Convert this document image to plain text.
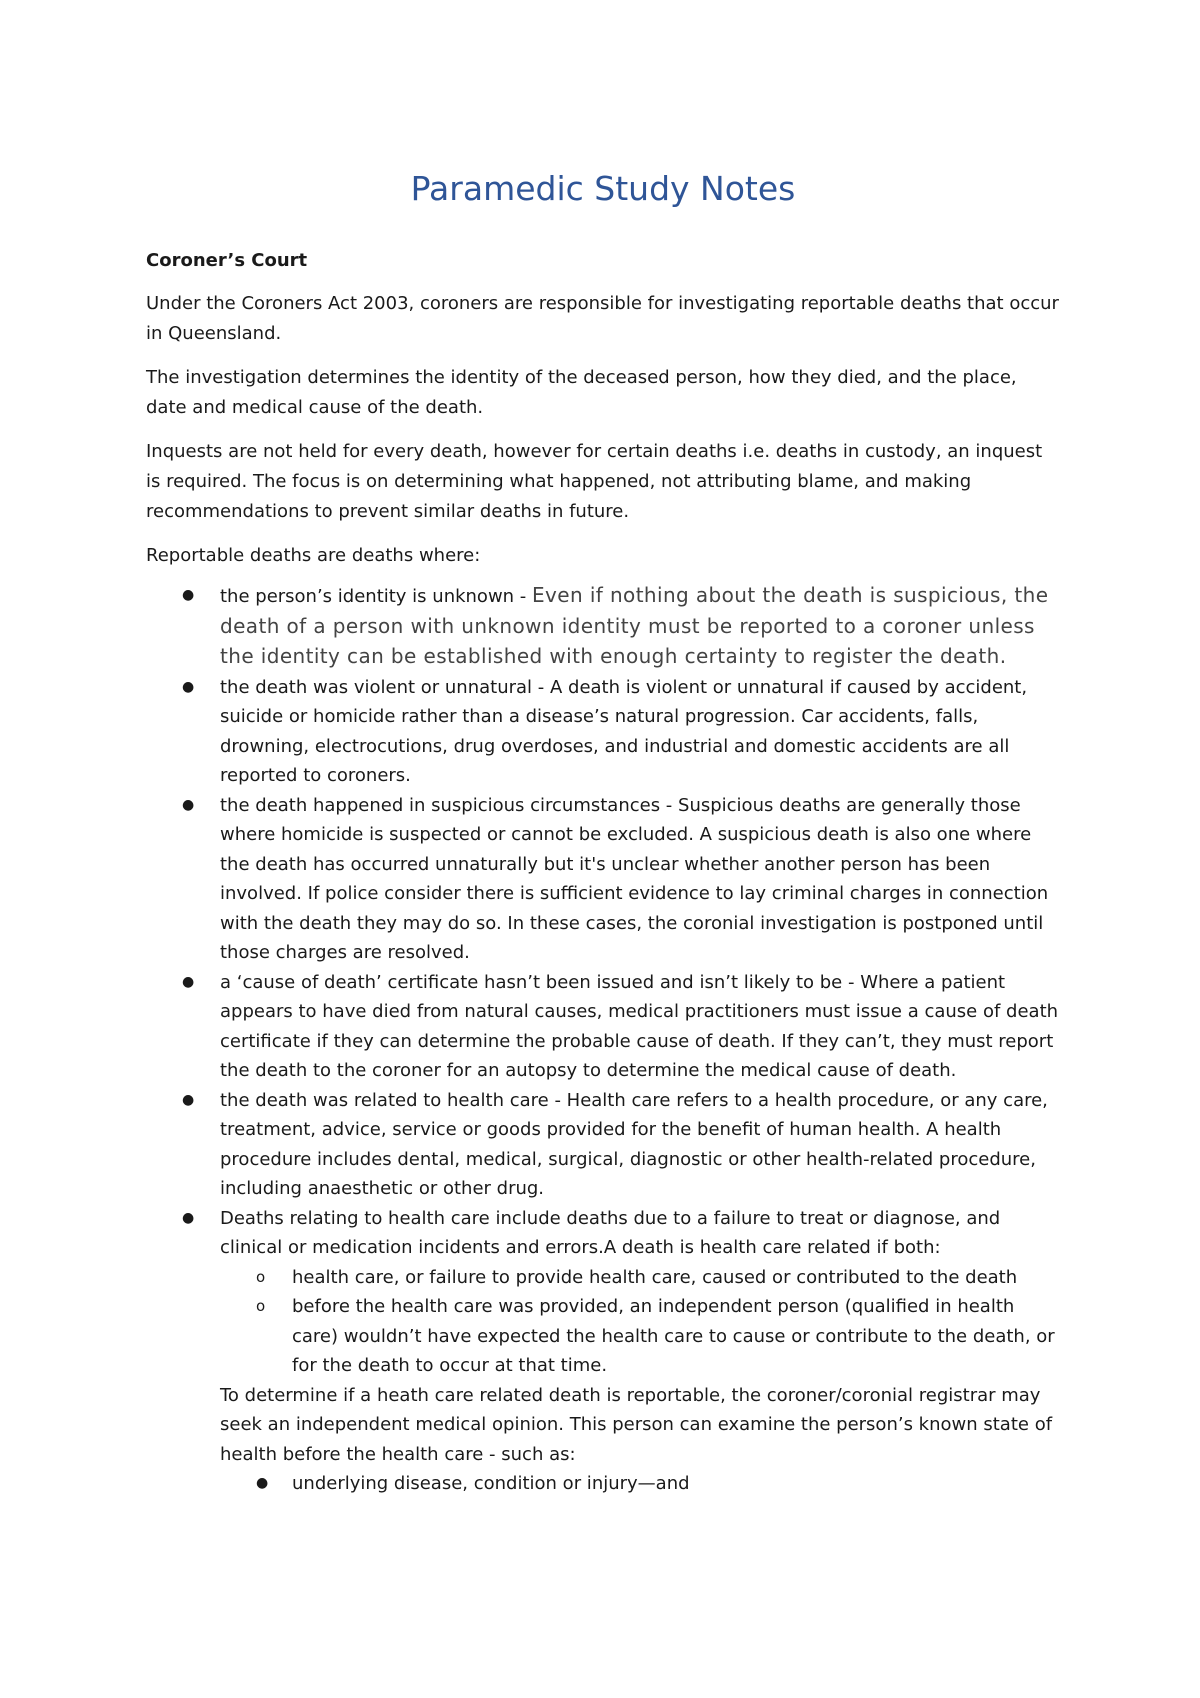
Paramedic Study Notes
Coroner’s Court

Under the Coroners Act 2003, coroners are responsible for investigating reportable deaths that occur in Queensland.

The investigation determines the identity of the deceased person, how they died, and the place, date and medical cause of the death.

Inquests are not held for every death, however for certain deaths i.e. deaths in custody, an inquest is required. The focus is on determining what happened, not attributing blame, and making recommendations to prevent similar deaths in future.

Reportable deaths are deaths where:

● the person’s identity is unknown - Even if nothing about the death is suspicious, the death of a person with unknown identity must be reported to a coroner unless the identity can be established with enough certainty to register the death.
● the death was violent or unnatural - A death is violent or unnatural if caused by accident, suicide or homicide rather than a disease’s natural progression. Car accidents, falls, drowning, electrocutions, drug overdoses, and industrial and domestic accidents are all reported to coroners.
● the death happened in suspicious circumstances - Suspicious deaths are generally those where homicide is suspected or cannot be excluded. A suspicious death is also one where the death has occurred unnaturally but it's unclear whether another person has been involved. If police consider there is sufficient evidence to lay criminal charges in connection with the death they may do so. In these cases, the coronial investigation is postponed until those charges are resolved.
● a ‘cause of death’ certificate hasn’t been issued and isn’t likely to be - Where a patient appears to have died from natural causes, medical practitioners must issue a cause of death certificate if they can determine the probable cause of death. If they can’t, they must report the death to the coroner for an autopsy to determine the medical cause of death.
● the death was related to health care - Health care refers to a health procedure, or any care, treatment, advice, service or goods provided for the benefit of human health. A health procedure includes dental, medical, surgical, diagnostic or other health-related procedure, including anaesthetic or other drug.
● Deaths relating to health care include deaths due to a failure to treat or diagnose, and clinical or medication incidents and errors.A death is health care related if both:
o health care, or failure to provide health care, caused or contributed to the death
o before the health care was provided, an independent person (qualified in health care) wouldn’t have expected the health care to cause or contribute to the death, or for the death to occur at that time.

To determine if a heath care related death is reportable, the coroner/coronial registrar may seek an independent medical opinion. This person can examine the person’s known state of health before the health care - such as:

● underlying disease, condition or injury—and
